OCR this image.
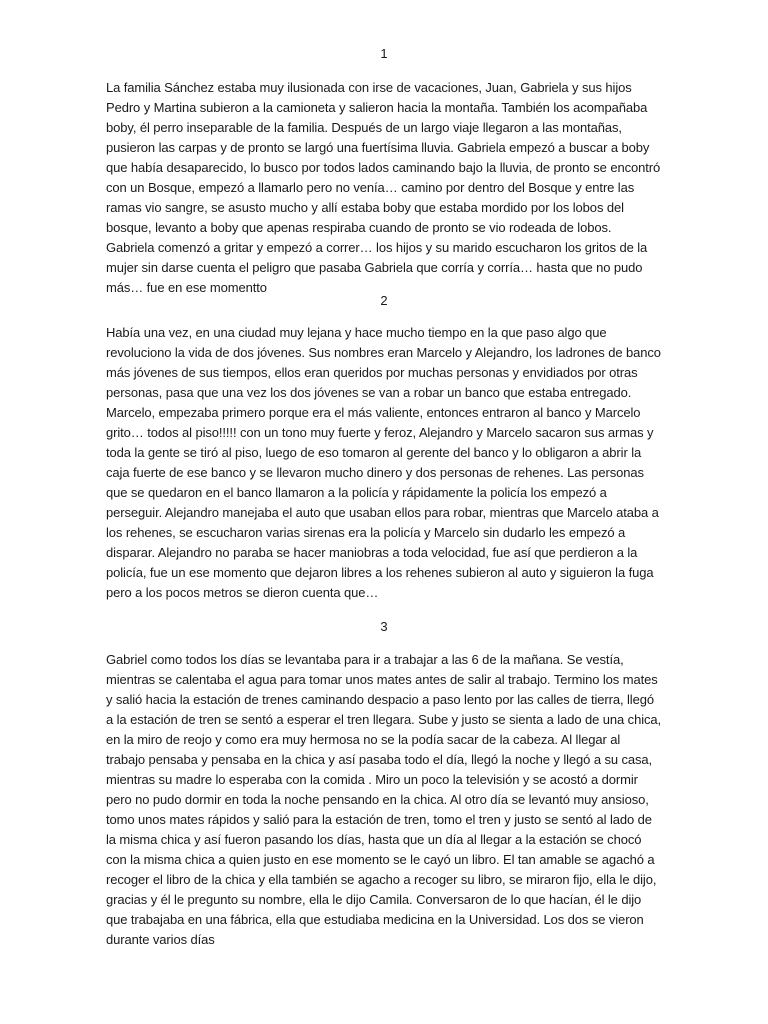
1

La familia Sánchez estaba muy ilusionada con irse de vacaciones, Juan, Gabriela y sus hijos Pedro y Martina subieron a la camioneta y salieron hacia la montaña. También los acompañaba boby, él perro inseparable de la familia. Después de un largo viaje llegaron a las montañas, pusieron las carpas y de pronto se largó una fuertísima lluvia. Gabriela empezó a buscar a boby que había desaparecido, lo busco por todos lados caminando bajo la lluvia, de pronto se encontró con un Bosque, empezó a llamarlo pero no venía… camino por dentro del Bosque y entre las ramas vio sangre, se asusto mucho y allí estaba boby que estaba mordido por los lobos del bosque, levanto a boby que apenas respiraba cuando de pronto se vio rodeada de lobos. Gabriela comenzó a gritar y empezó a correr… los hijos y su marido escucharon los gritos de la mujer sin darse cuenta el peligro que pasaba Gabriela que corría y corría… hasta que no pudo más… fue en ese momentto

2

Había una vez, en una ciudad muy lejana y hace mucho tiempo en la que paso algo que revoluciono la vida de dos jóvenes. Sus nombres eran Marcelo y Alejandro, los ladrones de banco más jóvenes de sus tiempos, ellos eran queridos por muchas personas y envidiados por otras personas, pasa que una vez los dos jóvenes se van a robar un banco que estaba entregado. Marcelo, empezaba primero porque era el más valiente, entonces entraron al banco y Marcelo grito… todos al piso!!!!! con un tono muy fuerte y feroz, Alejandro y Marcelo sacaron sus armas y toda la gente se tiró al piso, luego de eso tomaron al gerente del banco y lo obligaron a abrir la caja fuerte de ese banco y se llevaron mucho dinero y dos personas de rehenes. Las personas que se quedaron en el banco llamaron a la policía y rápidamente la policía los empezó a perseguir. Alejandro manejaba el auto que usaban ellos para robar, mientras que Marcelo ataba a los rehenes, se escucharon varias sirenas era la policía y Marcelo sin dudarlo les empezó a disparar. Alejandro no paraba se hacer maniobras a toda velocidad, fue así que perdieron a la policía, fue un ese momento que dejaron libres a los rehenes subieron al auto y siguieron la fuga pero a los pocos metros se dieron cuenta que…

3

Gabriel como todos los días se levantaba para ir a trabajar a las 6 de la mañana. Se vestía, mientras se calentaba el agua para tomar unos mates antes de salir al trabajo. Termino los mates y salió hacia la estación de trenes caminando despacio a paso lento por las calles de tierra, llegó a la estación de tren se sentó a esperar el tren llegara. Sube y justo se sienta a lado de una chica, en la miro de reojo y como era muy hermosa no se la podía sacar de la cabeza. Al llegar al trabajo pensaba y pensaba en la chica y así pasaba todo el día, llegó la noche y llegó a su casa, mientras su madre lo esperaba con la comida . Miro un poco la televisión y se acostó a dormir pero no pudo dormir en toda la noche pensando en la chica. Al otro día se levantó muy ansioso, tomo unos mates rápidos y salió para la estación de tren, tomo el tren y justo se sentó al lado de la misma chica y así fueron pasando los días, hasta que un día al llegar a la estación se chocó con la misma chica a quien justo en ese momento se le cayó un libro. El tan amable se agachó a recoger el libro de la chica y ella también se agacho a recoger su libro, se miraron fijo, ella le dijo, gracias y él le pregunto su nombre, ella le dijo Camila. Conversaron de lo que hacían, él le dijo que trabajaba en una fábrica, ella que estudiaba medicina en la Universidad. Los dos se vieron durante varios días
